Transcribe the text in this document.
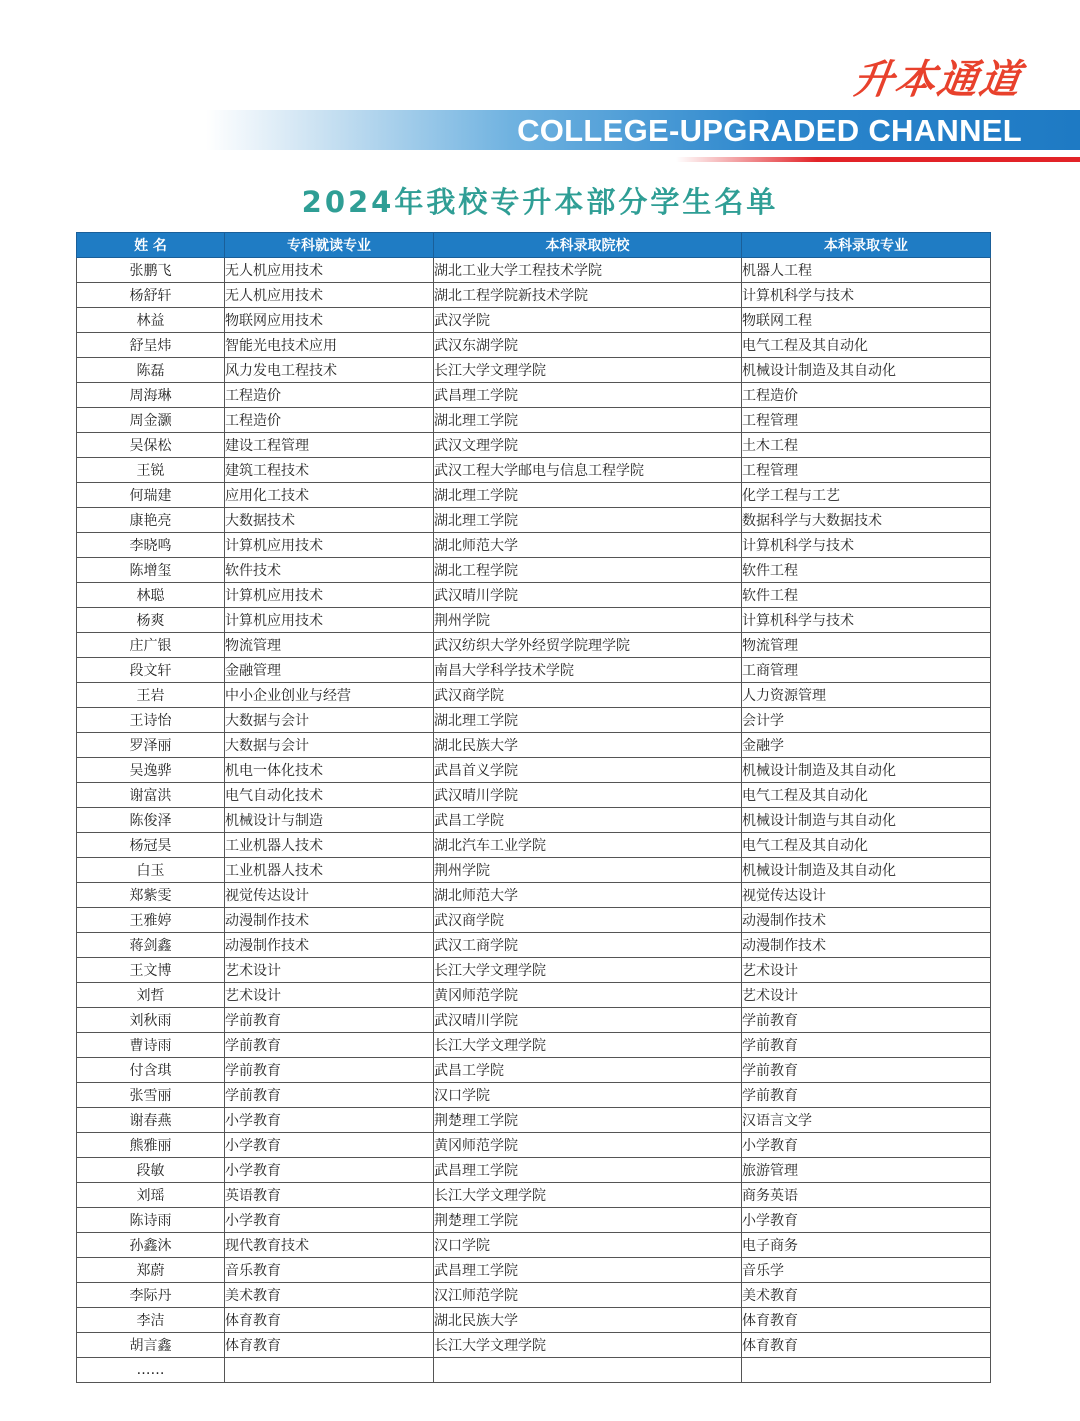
升本通道
COLLEGE-UPGRADED CHANNEL
2024年我校专升本部分学生名单
姓 名	专科就读专业	本科录取院校	本科录取专业
张鹏飞	无人机应用技术	湖北工业大学工程技术学院	机器人工程
杨舒轩	无人机应用技术	湖北工程学院新技术学院	计算机科学与技术
林益	物联网应用技术	武汉学院	物联网工程
舒呈炜	智能光电技术应用	武汉东湖学院	电气工程及其自动化
陈磊	风力发电工程技术	长江大学文理学院	机械设计制造及其自动化
周海琳	工程造价	武昌理工学院	工程造价
周金灏	工程造价	湖北理工学院	工程管理
吴保松	建设工程管理	武汉文理学院	土木工程
王锐	建筑工程技术	武汉工程大学邮电与信息工程学院	工程管理
何瑞建	应用化工技术	湖北理工学院	化学工程与工艺
康艳亮	大数据技术	湖北理工学院	数据科学与大数据技术
李晓鸣	计算机应用技术	湖北师范大学	计算机科学与技术
陈增玺	软件技术	湖北工程学院	软件工程
林聪	计算机应用技术	武汉晴川学院	软件工程
杨爽	计算机应用技术	荆州学院	计算机科学与技术
庄广银	物流管理	武汉纺织大学外经贸学院理学院	物流管理
段文轩	金融管理	南昌大学科学技术学院	工商管理
王岩	中小企业创业与经营	武汉商学院	人力资源管理
王诗怡	大数据与会计	湖北理工学院	会计学
罗泽丽	大数据与会计	湖北民族大学	金融学
吴逸骅	机电一体化技术	武昌首义学院	机械设计制造及其自动化
谢富洪	电气自动化技术	武汉晴川学院	电气工程及其自动化
陈俊泽	机械设计与制造	武昌工学院	机械设计制造与其自动化
杨冠昊	工业机器人技术	湖北汽车工业学院	电气工程及其自动化
白玉	工业机器人技术	荆州学院	机械设计制造及其自动化
郑紫雯	视觉传达设计	湖北师范大学	视觉传达设计
王雅婷	动漫制作技术	武汉商学院	动漫制作技术
蒋剑鑫	动漫制作技术	武汉工商学院	动漫制作技术
王文博	艺术设计	长江大学文理学院	艺术设计
刘哲	艺术设计	黄冈师范学院	艺术设计
刘秋雨	学前教育	武汉晴川学院	学前教育
曹诗雨	学前教育	长江大学文理学院	学前教育
付含琪	学前教育	武昌工学院	学前教育
张雪丽	学前教育	汉口学院	学前教育
谢春燕	小学教育	荆楚理工学院	汉语言文学
熊雅丽	小学教育	黄冈师范学院	小学教育
段敏	小学教育	武昌理工学院	旅游管理
刘瑶	英语教育	长江大学文理学院	商务英语
陈诗雨	小学教育	荆楚理工学院	小学教育
孙鑫沐	现代教育技术	汉口学院	电子商务
郑蔚	音乐教育	武昌理工学院	音乐学
李际丹	美术教育	汉江师范学院	美术教育
李洁	体育教育	湖北民族大学	体育教育
胡言鑫	体育教育	长江大学文理学院	体育教育
……			
